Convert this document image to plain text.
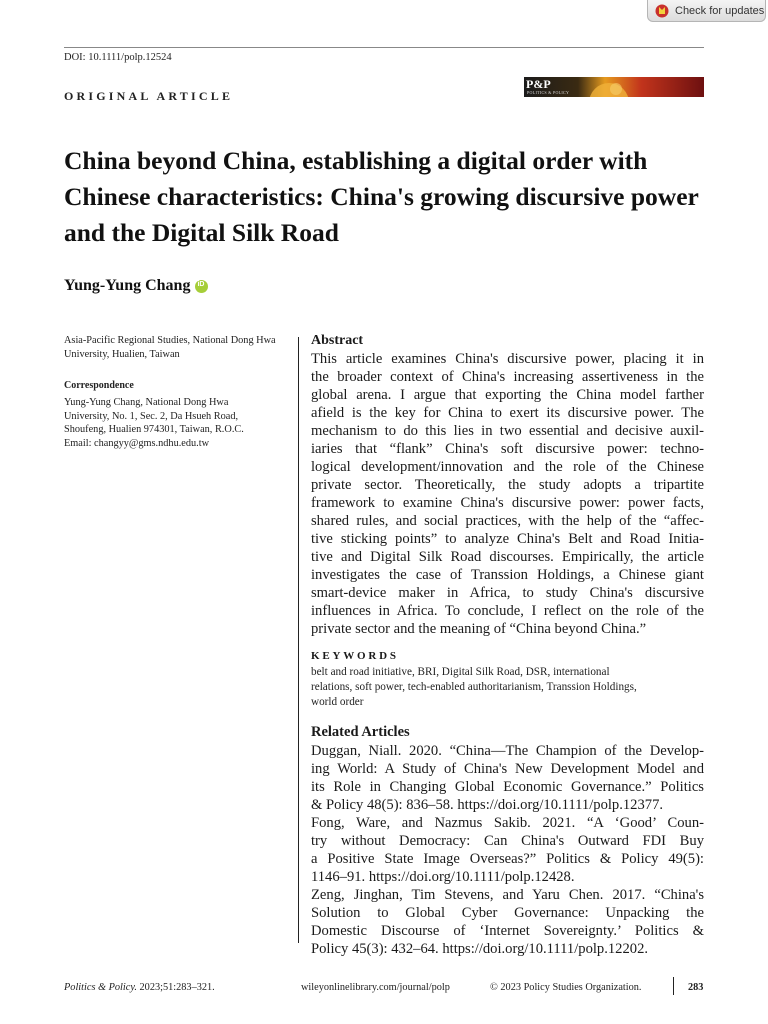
Check for updates
DOI: 10.1111/polp.12524
ORIGINAL ARTICLE
P&P
POLITICS & POLICY
China beyond China, establishing a digital order with Chinese characteristics: China's growing discursive power and the Digital Silk Road
Yung-Yung Chang iD
Asia-Pacific Regional Studies, National Dong Hwa University, Hualien, Taiwan
Correspondence
Yung-Yung Chang, National Dong Hwa
University, No. 1, Sec. 2, Da Hsueh Road,
Shoufeng, Hualien 974301, Taiwan, R.O.C.
Email: changyy@gms.ndhu.edu.tw
Abstract
This article examines China's discursive power, placing it in
the broader context of China's increasing assertiveness in the
global arena. I argue that exporting the China model farther
afield is the key for China to exert its discursive power. The
mechanism to do this lies in two essential and decisive auxil-
iaries that “flank” China's soft discursive power: techno-
logical development/innovation and the role of the Chinese
private sector. Theoretically, the study adopts a tripartite
framework to examine China's discursive power: power facts,
shared rules, and social practices, with the help of the “affec-
tive sticking points” to analyze China's Belt and Road Initia-
tive and Digital Silk Road discourses. Empirically, the article
investigates the case of Transsion Holdings, a Chinese giant
smart-device maker in Africa, to study China's discursive
influences in Africa. To conclude, I reflect on the role of the
private sector and the meaning of “China beyond China.”
KEYWORDS
belt and road initiative, BRI, Digital Silk Road, DSR, international
relations, soft power, tech-enabled authoritarianism, Transsion Holdings,
world order
Related Articles
Duggan, Niall. 2020. “China—The Champion of the Develop-
ing World: A Study of China's New Development Model and
its Role in Changing Global Economic Governance.” Politics
& Policy 48(5): 836–58. https://doi.org/10.1111/polp.12377.
Fong, Ware, and Nazmus Sakib. 2021. “A ‘Good’ Coun-
try without Democracy: Can China's Outward FDI Buy
a Positive State Image Overseas?” Politics & Policy 49(5):
1146–91. https://doi.org/10.1111/polp.12428.
Zeng, Jinghan, Tim Stevens, and Yaru Chen. 2017. “China's
Solution to Global Cyber Governance: Unpacking the
Domestic Discourse of ‘Internet Sovereignty.’ Politics &
Policy 45(3): 432–64. https://doi.org/10.1111/polp.12202.
Politics & Policy. 2023;51:283–321.	wileyonlinelibrary.com/journal/polp	© 2023 Policy Studies Organization.	283
